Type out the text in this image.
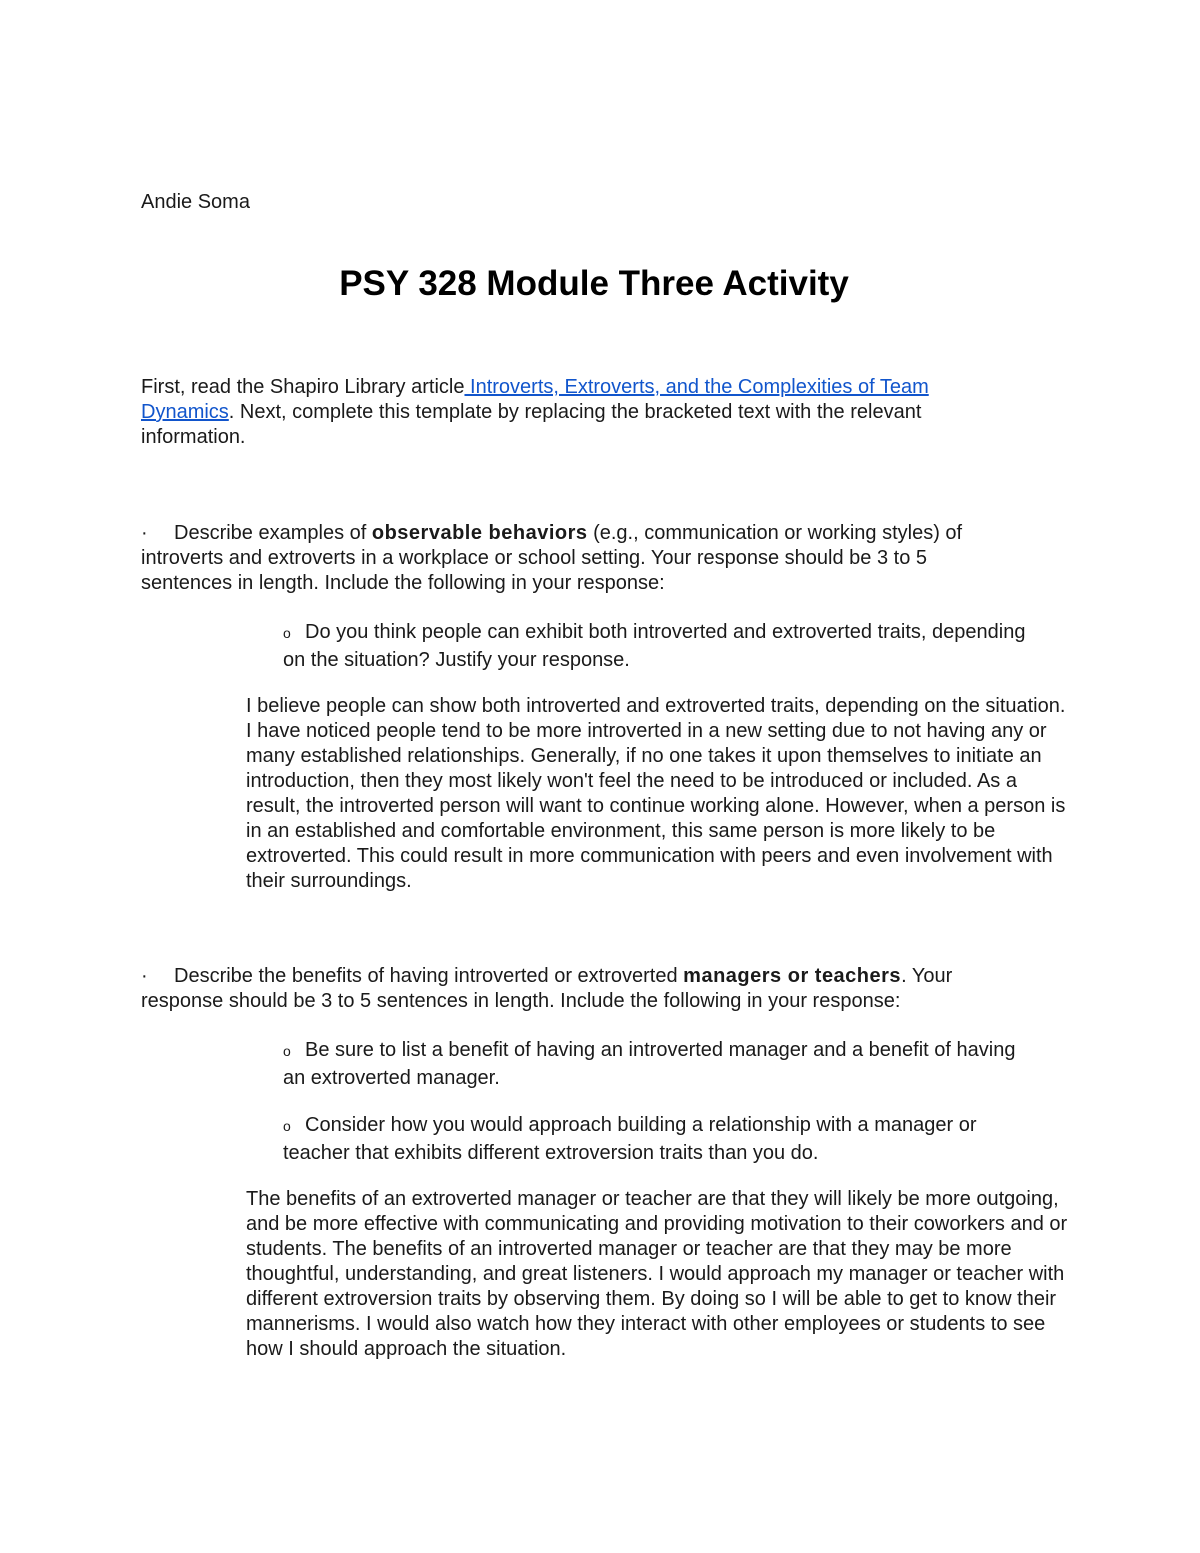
Andie Soma
PSY 328 Module Three Activity
First, read the Shapiro Library article Introverts, Extroverts, and the Complexities of Team Dynamics. Next, complete this template by replacing the bracketed text with the relevant information.
· Describe examples of observable behaviors (e.g., communication or working styles) of introverts and extroverts in a workplace or school setting. Your response should be 3 to 5 sentences in length. Include the following in your response:
o Do you think people can exhibit both introverted and extroverted traits, depending on the situation? Justify your response.
I believe people can show both introverted and extroverted traits, depending on the situation. I have noticed people tend to be more introverted in a new setting due to not having any or many established relationships. Generally, if no one takes it upon themselves to initiate an introduction, then they most likely won't feel the need to be introduced or included. As a result, the introverted person will want to continue working alone. However, when a person is in an established and comfortable environment, this same person is more likely to be extroverted. This could result in more communication with peers and even involvement with their surroundings.
· Describe the benefits of having introverted or extroverted managers or teachers. Your response should be 3 to 5 sentences in length. Include the following in your response:
o Be sure to list a benefit of having an introverted manager and a benefit of having an extroverted manager.
o Consider how you would approach building a relationship with a manager or teacher that exhibits different extroversion traits than you do.
The benefits of an extroverted manager or teacher are that they will likely be more outgoing, and be more effective with communicating and providing motivation to their coworkers and or students. The benefits of an introverted manager or teacher are that they may be more thoughtful, understanding, and great listeners. I would approach my manager or teacher with different extroversion traits by observing them. By doing so I will be able to get to know their mannerisms. I would also watch how they interact with other employees or students to see how I should approach the situation.
